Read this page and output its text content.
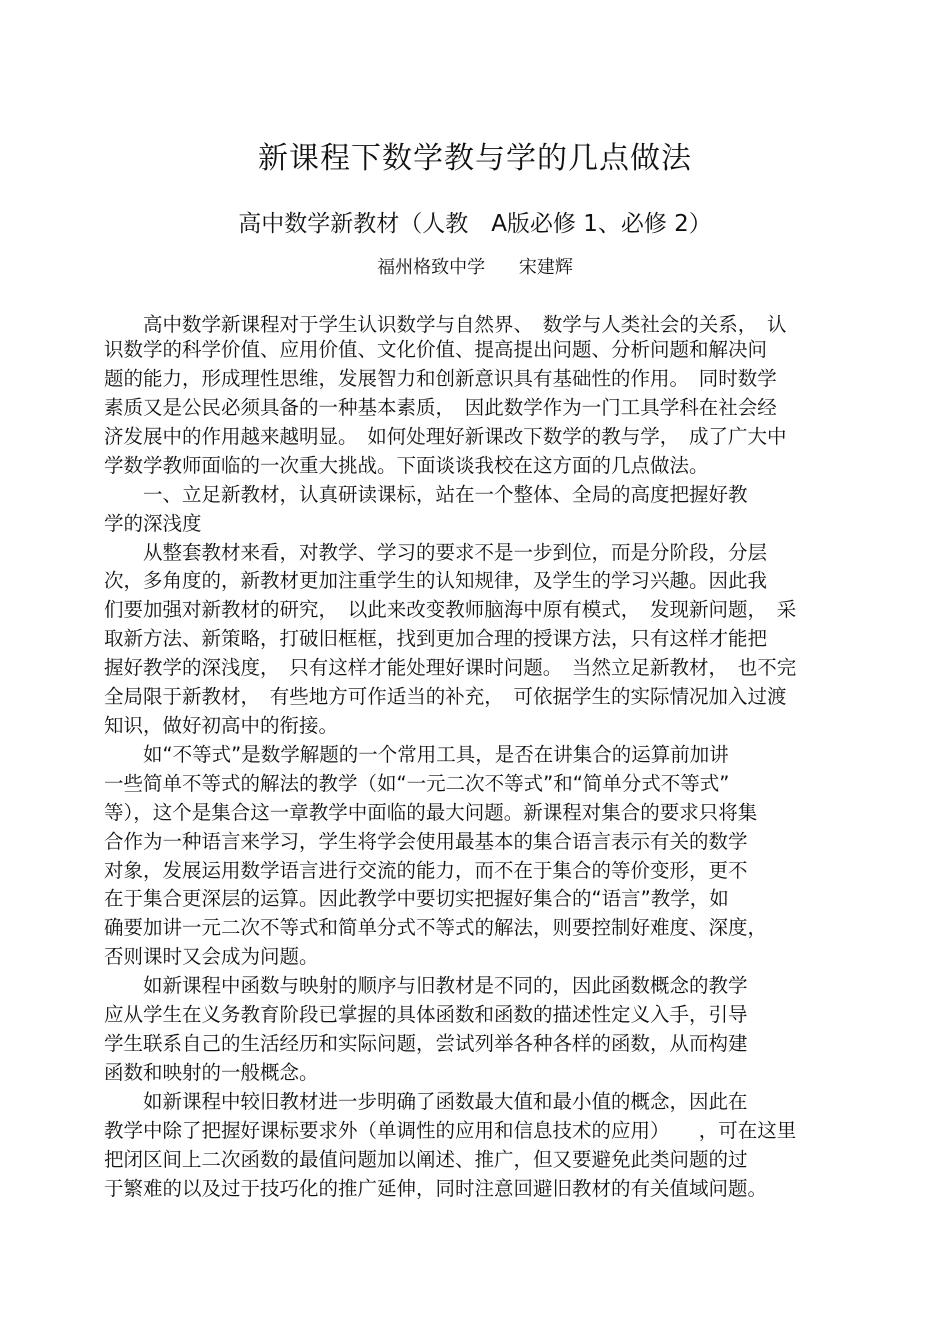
新课程下数学教与学的几点做法
高中数学新教材（人教　A版必修 1、必修 2）
福州格致中学 宋建辉
　　高中数学新课程对于学生认识数学与自然界、　数学与人类社会的关系，　认
识数学的科学价值、应用价值、文化价值、提高提出问题、分析问题和解决问
题的能力，形成理性思维，发展智力和创新意识具有基础性的作用。　同时数学
素质又是公民必须具备的一种基本素质，　因此数学作为一门工具学科在社会经
济发展中的作用越来越明显。　如何处理好新课改下数学的教与学，　成了广大中
学数学教师面临的一次重大挑战。下面谈谈我校在这方面的几点做法。
　　一、立足新教材，认真研读课标，站在一个整体、全局的高度把握好教
学的深浅度
　　从整套教材来看，对教学、学习的要求不是一步到位，而是分阶段，分层
次，多角度的，新教材更加注重学生的认知规律，及学生的学习兴趣。因此我
们要加强对新教材的研究，　以此来改变教师脑海中原有模式，　发现新问题，　采
取新方法、新策略，打破旧框框，找到更加合理的授课方法，只有这样才能把
握好教学的深浅度，　只有这样才能处理好课时问题。　当然立足新教材，　也不完
全局限于新教材，　有些地方可作适当的补充，　可依据学生的实际情况加入过渡
知识，做好初高中的衔接。
　　如“不等式”是数学解题的一个常用工具，是否在讲集合的运算前加讲
一些简单不等式的解法的教学（如“一元二次不等式”和“简单分式不等式”
等），这个是集合这一章教学中面临的最大问题。新课程对集合的要求只将集
合作为一种语言来学习，学生将学会使用最基本的集合语言表示有关的数学
对象，发展运用数学语言进行交流的能力，而不在于集合的等价变形，更不
在于集合更深层的运算。因此教学中要切实把握好集合的“语言”教学，如
确要加讲一元二次不等式和简单分式不等式的解法，则要控制好难度、深度，
否则课时又会成为问题。
　　如新课程中函数与映射的顺序与旧教材是不同的，因此函数概念的教学
应从学生在义务教育阶段已掌握的具体函数和函数的描述性定义入手，引导
学生联系自己的生活经历和实际问题，尝试列举各种各样的函数，从而构建
函数和映射的一般概念。
　　如新课程中较旧教材进一步明确了函数最大值和最小值的概念，因此在
教学中除了把握好课标要求外（单调性的应用和信息技术的应用）　　，可在这里
把闭区间上二次函数的最值问题加以阐述、推广，但又要避免此类问题的过
于繁难的以及过于技巧化的推广延伸，同时注意回避旧教材的有关值域问题。
